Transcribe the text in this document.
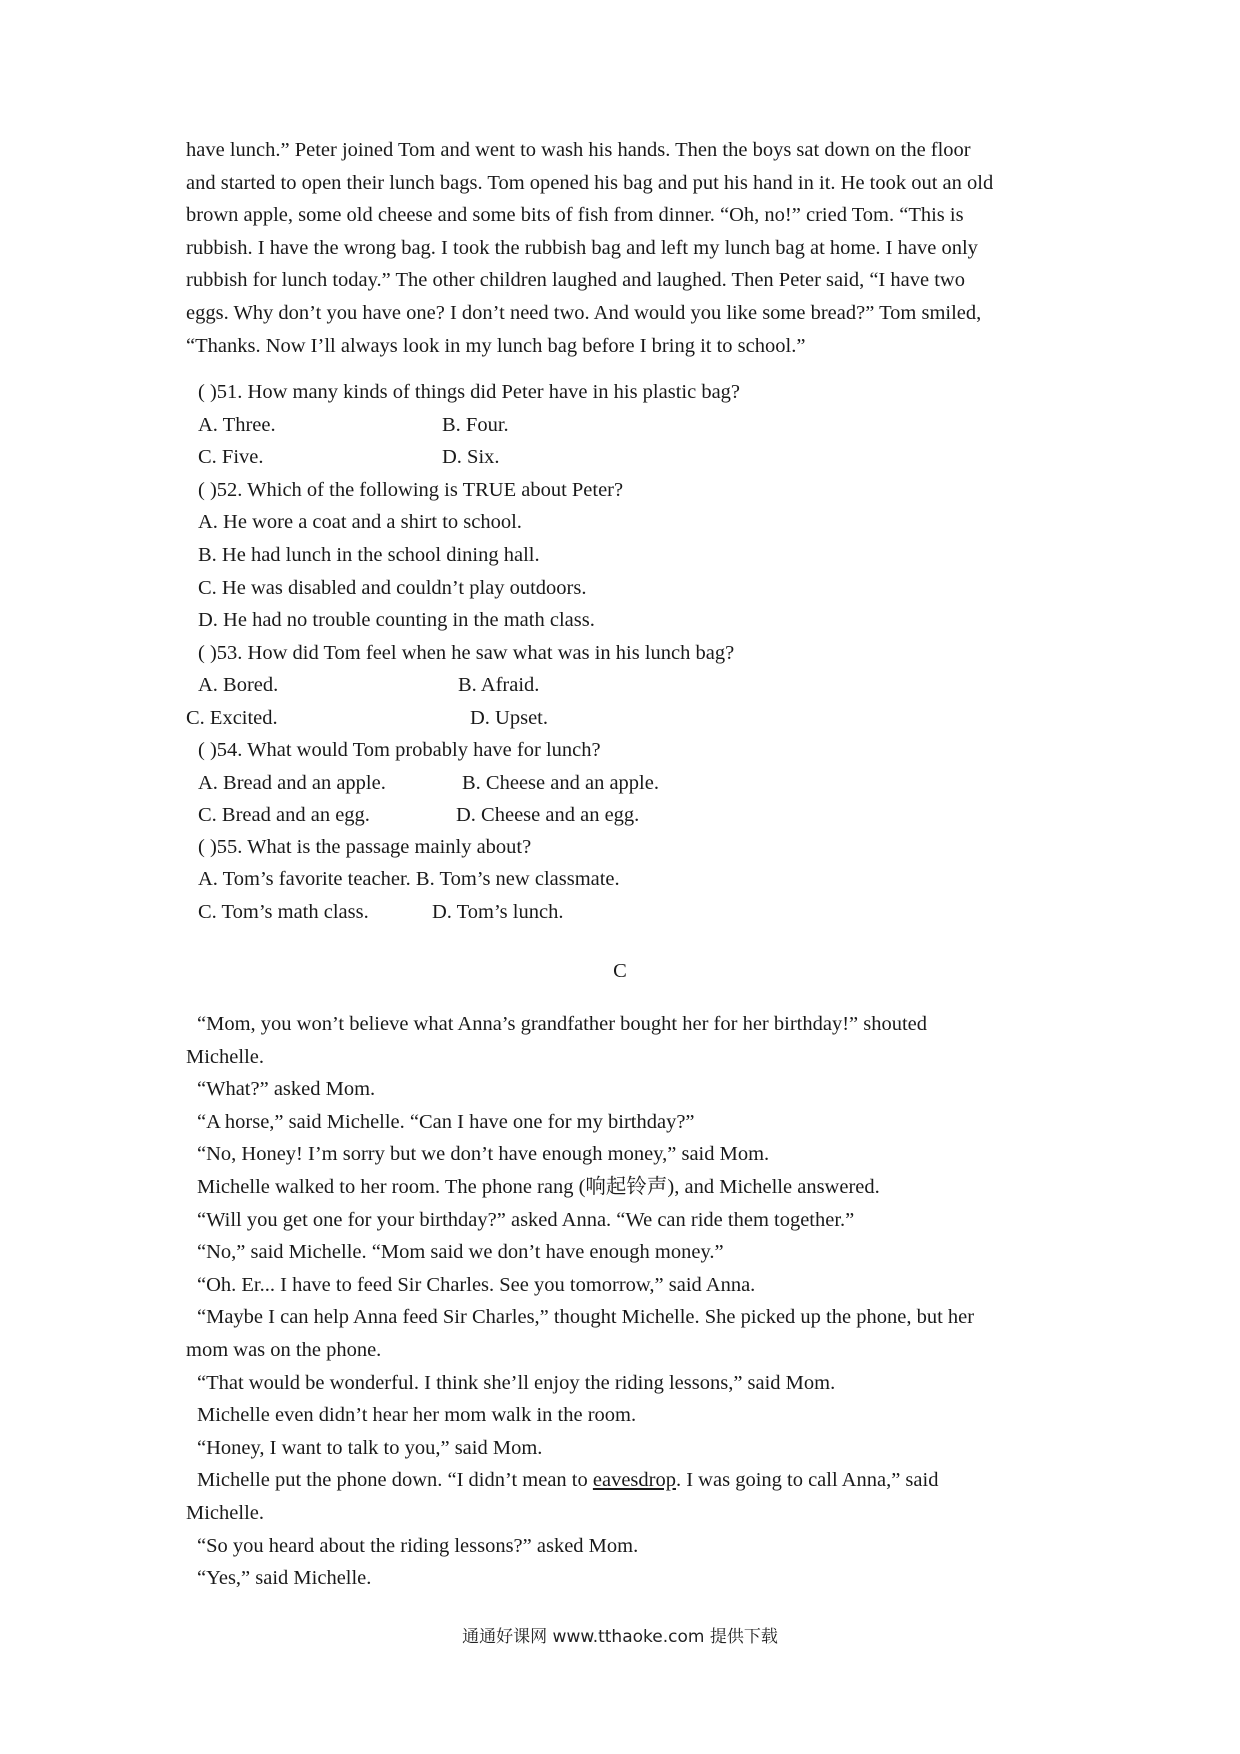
have lunch.” Peter joined Tom and went to wash his hands. Then the boys sat down on the floor
and started to open their lunch bags. Tom opened his bag and put his hand in it. He took out an old
brown apple, some old cheese and some bits of fish from dinner. “Oh, no!” cried Tom. “This is
rubbish. I have the wrong bag. I took the rubbish bag and left my lunch bag at home. I have only
rubbish for lunch today.” The other children laughed and laughed. Then Peter said, “I have two
eggs. Why don’t you have one? I don’t need two. And would you like some bread?” Tom smiled,
“Thanks. Now I’ll always look in my lunch bag before I bring it to school.”
( )51. How many kinds of things did Peter have in his plastic bag?
A. Three.	B. Four.
C. Five.	D. Six.
( )52. Which of the following is TRUE about Peter?
A. He wore a coat and a shirt to school.
B. He had lunch in the school dining hall.
C. He was disabled and couldn’t play outdoors.
D. He had no trouble counting in the math class.
( )53. How did Tom feel when he saw what was in his lunch bag?
A. Bored.	B. Afraid.
C. Excited.	D. Upset.
( )54. What would Tom probably have for lunch?
A. Bread and an apple.	B. Cheese and an apple.
C. Bread and an egg.	D. Cheese and an egg.
( )55. What is the passage mainly about?
A. Tom’s favorite teacher. B. Tom’s new classmate.
C. Tom’s math class.	D. Tom’s lunch.
C
“Mom, you won’t believe what Anna’s grandfather bought her for her birthday!” shouted
Michelle.
“What?” asked Mom.
“A horse,” said Michelle. “Can I have one for my birthday?”
“No, Honey! I’m sorry but we don’t have enough money,” said Mom.
Michelle walked to her room. The phone rang (响起铃声), and Michelle answered.
“Will you get one for your birthday?” asked Anna. “We can ride them together.”
“No,” said Michelle. “Mom said we don’t have enough money.”
“Oh. Er... I have to feed Sir Charles. See you tomorrow,” said Anna.
“Maybe I can help Anna feed Sir Charles,” thought Michelle. She picked up the phone, but her
mom was on the phone.
“That would be wonderful. I think she’ll enjoy the riding lessons,” said Mom.
Michelle even didn’t hear her mom walk in the room.
“Honey, I want to talk to you,” said Mom.
Michelle put the phone down. “I didn’t mean to eavesdrop. I was going to call Anna,” said
Michelle.
“So you heard about the riding lessons?” asked Mom.
“Yes,” said Michelle.
通通好课网 www.tthaoke.com 提供下载
